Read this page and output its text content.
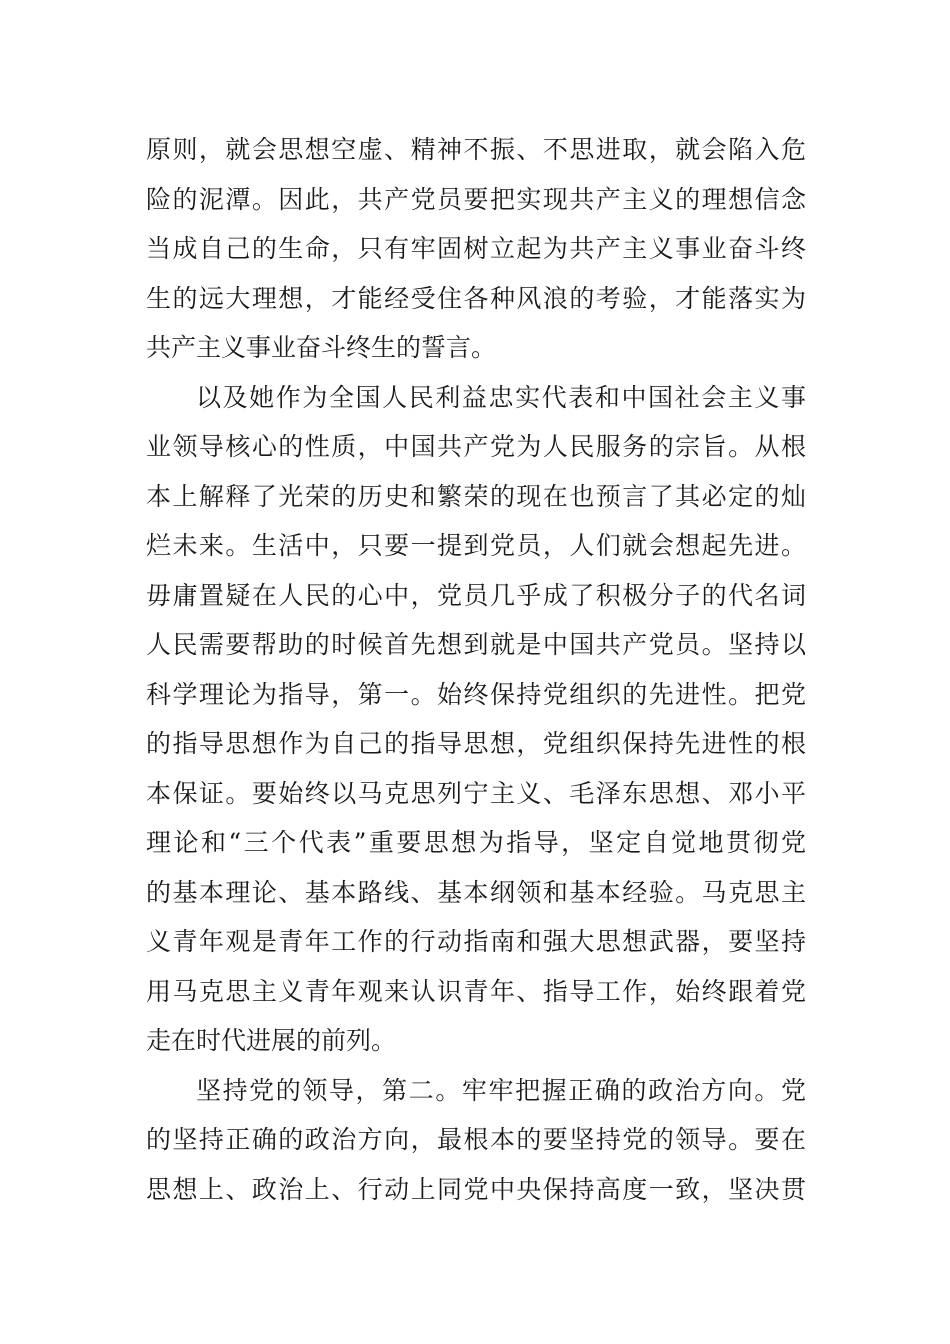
原则，就会思想空虚、精神不振、不思进取，就会陷入危
险的泥潭。因此，共产党员要把实现共产主义的理想信念
当成自己的生命，只有牢固树立起为共产主义事业奋斗终
生的远大理想，才能经受住各种风浪的考验，才能落实为
共产主义事业奋斗终生的誓言。
以及她作为全国人民利益忠实代表和中国社会主义事
业领导核心的性质，中国共产党为人民服务的宗旨。从根
本上解释了光荣的历史和繁荣的现在也预言了其必定的灿
烂未来。生活中，只要一提到党员，人们就会想起先进。
毋庸置疑在人民的心中，党员几乎成了积极分子的代名词
人民需要帮助的时候首先想到就是中国共产党员。坚持以
科学理论为指导，第一。始终保持党组织的先进性。把党
的指导思想作为自己的指导思想，党组织保持先进性的根
本保证。要始终以马克思列宁主义、毛泽东思想、邓小平
理论和“三个代表”重要思想为指导，坚定自觉地贯彻党
的基本理论、基本路线、基本纲领和基本经验。马克思主
义青年观是青年工作的行动指南和强大思想武器，要坚持
用马克思主义青年观来认识青年、指导工作，始终跟着党
走在时代进展的前列。
坚持党的领导，第二。牢牢把握正确的政治方向。党
的坚持正确的政治方向，最根本的要坚持党的领导。要在
思想上、政治上、行动上同党中央保持高度一致，坚决贯
